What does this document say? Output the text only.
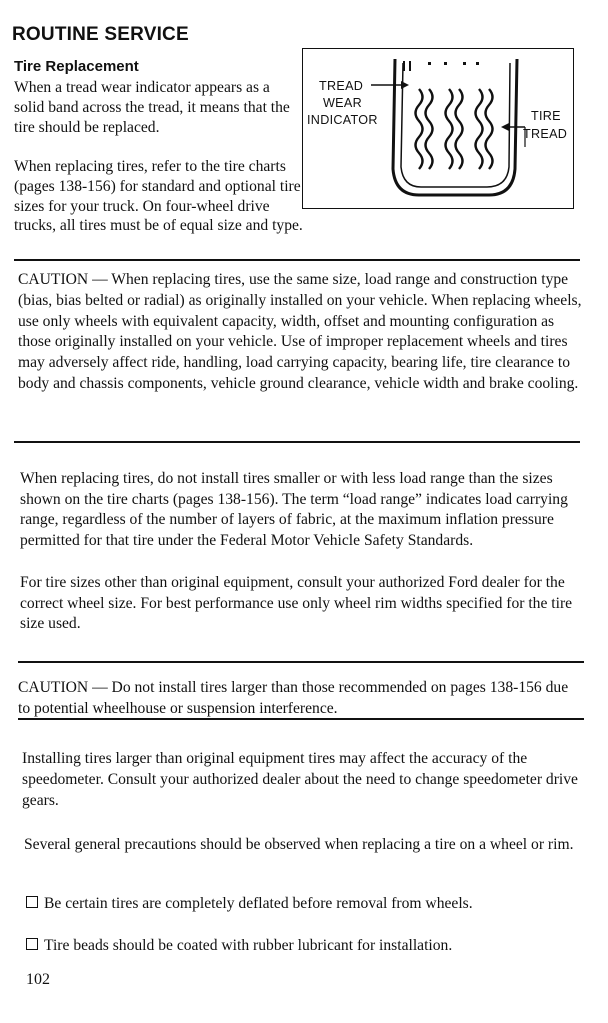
ROUTINE SERVICE
Tire Replacement
When a tread wear indicator appears as a solid band across the tread, it means that the tire should be replaced.
When replacing tires, refer to the tire charts (pages 138-156) for standard and optional tire sizes for your truck. On four-wheel drive trucks, all tires must be of equal size and type.
TREAD
WEAR
INDICATOR	TIRE
TREAD
CAUTION — When replacing tires, use the same size, load range and construction type (bias, bias belted or radial) as originally installed on your vehicle. When replacing wheels, use only wheels with equivalent capacity, width, offset and mounting configuration as those originally installed on your vehicle. Use of improper replacement wheels and tires may adversely affect ride, handling, load carrying capacity, bearing life, tire clearance to body and chassis components, vehicle ground clearance, vehicle width and brake cooling.
When replacing tires, do not install tires smaller or with less load range than the sizes shown on the tire charts (pages 138-156). The term “load range” indicates load carrying range, regardless of the number of layers of fabric, at the maximum inflation pressure permitted for that tire under the Federal Motor Vehicle Safety Standards.
For tire sizes other than original equipment, consult your authorized Ford dealer for the correct wheel size. For best performance use only wheel rim widths specified for the tire size used.
CAUTION — Do not install tires larger than those recommended on pages 138-156 due to potential wheelhouse or suspension interference.
Installing tires larger than original equipment tires may affect the accuracy of the speedometer. Consult your authorized dealer about the need to change speedometer drive gears.
Several general precautions should be observed when replacing a tire on a wheel or rim.
Be certain tires are completely deflated before removal from wheels.
Tire beads should be coated with rubber lubricant for installation.
102
